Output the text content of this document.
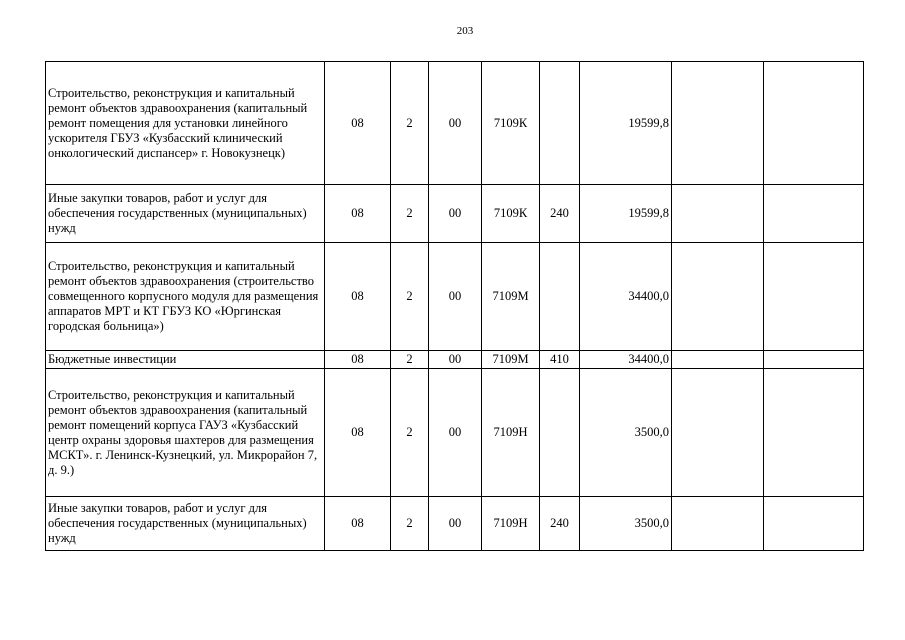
203
Строительство, реконструкция и капитальный ремонт объектов здравоохранения (капитальный ремонт помещения для установки линейного ускорителя ГБУЗ «Кузбасский клинический онкологический диспансер» г. Новокузнецк)	08	2	00	7109К		19599,8		
Иные закупки товаров, работ и услуг для обеспечения государственных (муниципальных) нужд	08	2	00	7109К	240	19599,8		
Строительство, реконструкция и капитальный ремонт объектов здравоохранения (строительство совмещенного корпусного модуля для размещения аппаратов МРТ и КТ ГБУЗ КО «Юргинская городская больница»)	08	2	00	7109М		34400,0		
Бюджетные инвестиции	08	2	00	7109М	410	34400,0		
Строительство, реконструкция и капитальный ремонт объектов здравоохранения (капитальный ремонт помещений корпуса ГАУЗ «Кузбасский центр охраны здоровья шахтеров для размещения МСКТ». г. Ленинск-Кузнецкий, ул. Микрорайон 7, д. 9.)	08	2	00	7109Н		3500,0		
Иные закупки товаров, работ и услуг для обеспечения государственных (муниципальных) нужд	08	2	00	7109Н	240	3500,0		
